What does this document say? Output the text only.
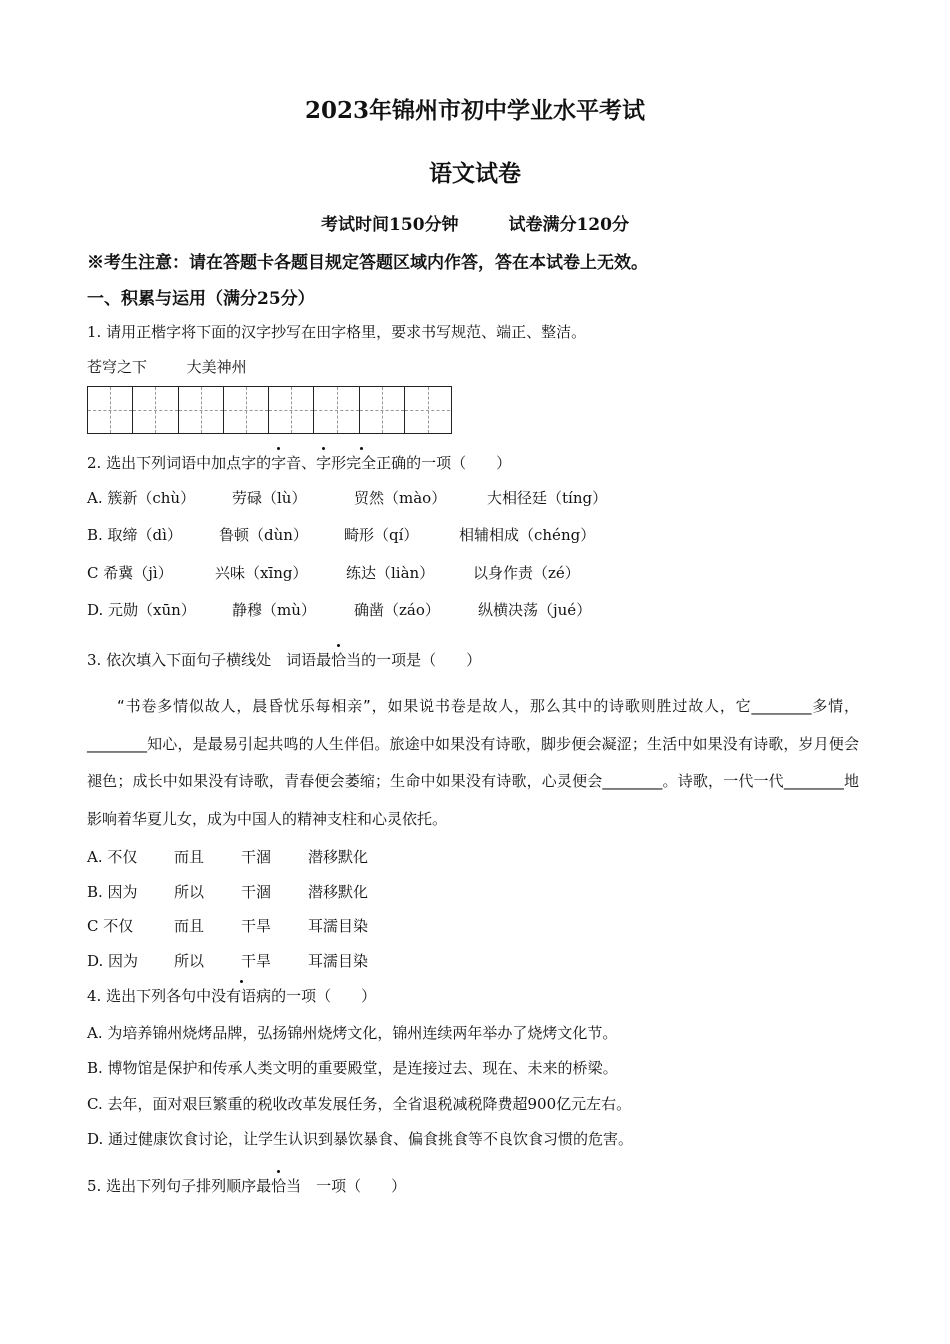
2023年锦州市初中学业水平考试
语文试卷
考试时间150分钟	试卷满分120分
※考生注意：请在答题卡各题目规定答题区域内作答，答在本试卷上无效。
一、积累与运用（满分25分）
1. 请用正楷字将下面的汉字抄写在田字格里，要求书写规范、端正、整洁。
苍穹之下	大美神州
2. 选出下列词语中加点字的字音、字形完全正确的一项（　　）
A. 簇新（chù） 劳碌（lù）	贸然（mào）	大相径廷（tíng）
B. 取缔（dì） 鲁顿（dùn） 畸形（qí）	相辅相成（chéng）
C 希冀（jì）	兴味（xīng）	练达（liàn）	以身作责（zé）
D. 元勋（xūn） 静穆（mù）	确凿（záo）	纵横决荡（jué）
3. 依次填入下面句子横线处　词语最恰当的一项是（　　）
“书卷多情似故人，晨昏忧乐每相亲”，如果说书卷是故人，那么其中的诗歌则胜过故人，它________多情，________知心，是最易引起共鸣的人生伴侣。旅途中如果没有诗歌，脚步便会凝涩；生活中如果没有诗歌，岁月便会褪色；成长中如果没有诗歌，青春便会萎缩；生命中如果没有诗歌，心灵便会________。诗歌，一代一代________地影响着华夏儿女，成为中国人的精神支柱和心灵依托。
A. 不仅 而且 干涸 潜移默化
B. 因为 所以 干涸 潜移默化
C 不仅	而且 干旱 耳濡目染
D. 因为 所以 干旱 耳濡目染
4. 选出下列各句中没有语病的一项（　　）
A. 为培养锦州烧烤品牌，弘扬锦州烧烤文化，锦州连续两年举办了烧烤文化节。
B. 博物馆是保护和传承人类文明的重要殿堂，是连接过去、现在、未来的桥梁。
C. 去年，面对艰巨繁重的税收改革发展任务，全省退税减税降费超900亿元左右。
D. 通过健康饮食讨论，让学生认识到暴饮暴食、偏食挑食等不良饮食习惯的危害。
5. 选出下列句子排列顺序最恰当　一项（　　）
